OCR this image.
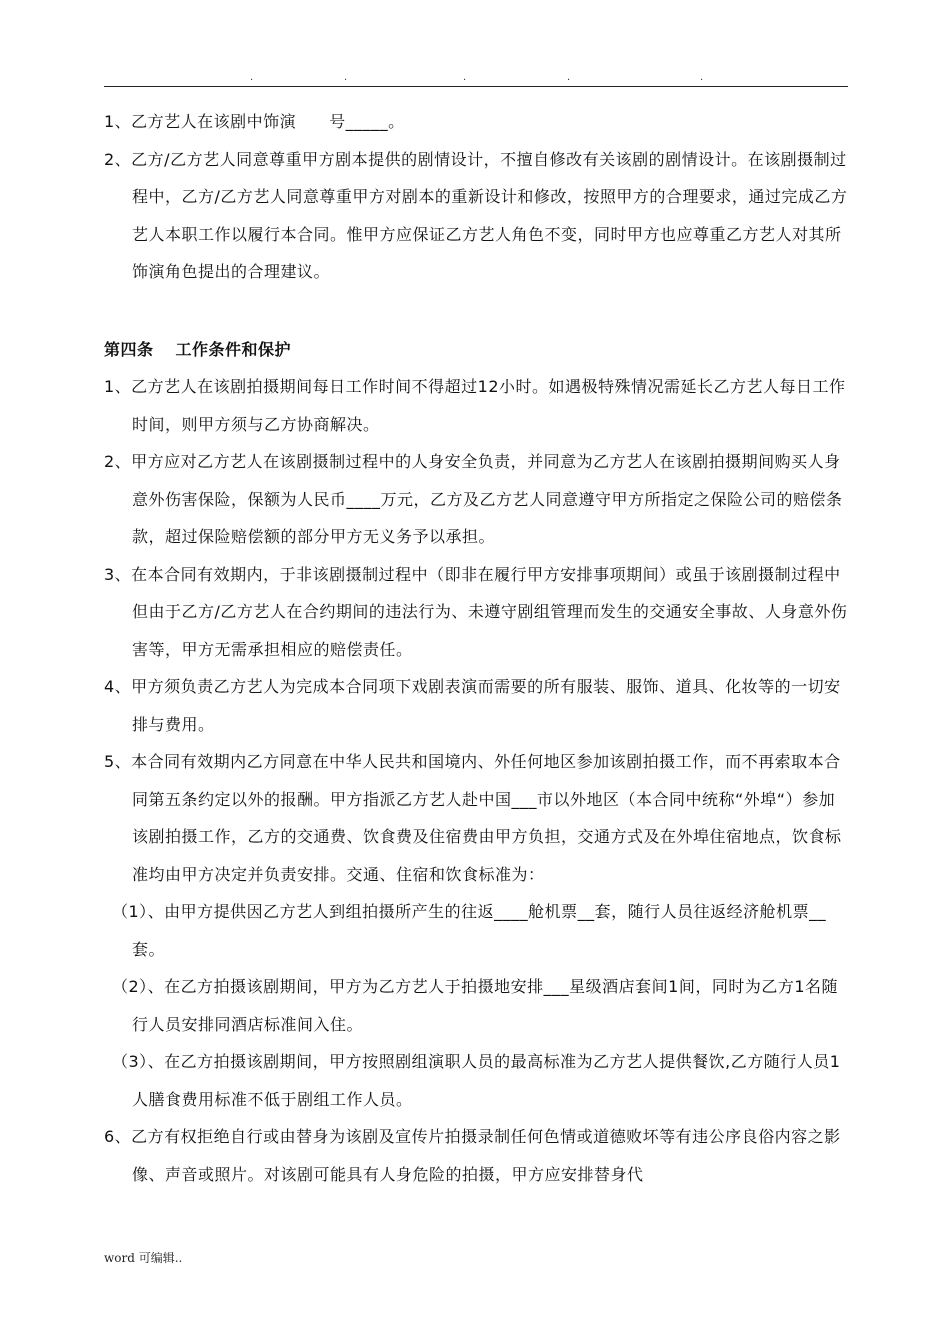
.	.	.	.	.
1、乙方艺人在该剧中饰演　　号_____。
2、乙方/乙方艺人同意尊重甲方剧本提供的剧情设计，不擅自修改有关该剧的剧情设计。在该剧摄制过程中，乙方/乙方艺人同意尊重甲方对剧本的重新设计和修改，按照甲方的合理要求，通过完成乙方艺人本职工作以履行本合同。惟甲方应保证乙方艺人角色不变，同时甲方也应尊重乙方艺人对其所饰演角色提出的合理建议。
第四条 工作条件和保护
1、乙方艺人在该剧拍摄期间每日工作时间不得超过12小时。如遇极特殊情况需延长乙方艺人每日工作时间，则甲方须与乙方协商解决。
2、甲方应对乙方艺人在该剧摄制过程中的人身安全负责，并同意为乙方艺人在该剧拍摄期间购买人身意外伤害保险，保额为人民币____万元，乙方及乙方艺人同意遵守甲方所指定之保险公司的赔偿条款，超过保险赔偿额的部分甲方无义务予以承担。
3、在本合同有效期内，于非该剧摄制过程中（即非在履行甲方安排事项期间）或虽于该剧摄制过程中但由于乙方/乙方艺人在合约期间的违法行为、未遵守剧组管理而发生的交通安全事故、人身意外伤害等，甲方无需承担相应的赔偿责任。
4、甲方须负责乙方艺人为完成本合同项下戏剧表演而需要的所有服装、服饰、道具、化妆等的一切安排与费用。
5、本合同有效期内乙方同意在中华人民共和国境内、外任何地区参加该剧拍摄工作，而不再索取本合同第五条约定以外的报酬。甲方指派乙方艺人赴中国___市以外地区（本合同中统称“外埠“）参加该剧拍摄工作，乙方的交通费、饮食费及住宿费由甲方负担，交通方式及在外埠住宿地点，饮食标准均由甲方决定并负责安排。交通、住宿和饮食标准为：
（1）、由甲方提供因乙方艺人到组拍摄所产生的往返____舱机票__套，随行人员往返经济舱机票__套。
（2）、在乙方拍摄该剧期间，甲方为乙方艺人于拍摄地安排___星级酒店套间1间，同时为乙方1名随行人员安排同酒店标准间入住。
（3）、在乙方拍摄该剧期间，甲方按照剧组演职人员的最高标准为乙方艺人提供餐饮,乙方随行人员1人膳食费用标准不低于剧组工作人员。
6、乙方有权拒绝自行或由替身为该剧及宣传片拍摄录制任何色情或道德败坏等有违公序良俗内容之影像、声音或照片。对该剧可能具有人身危险的拍摄，甲方应安排替身代
word 可编辑..
